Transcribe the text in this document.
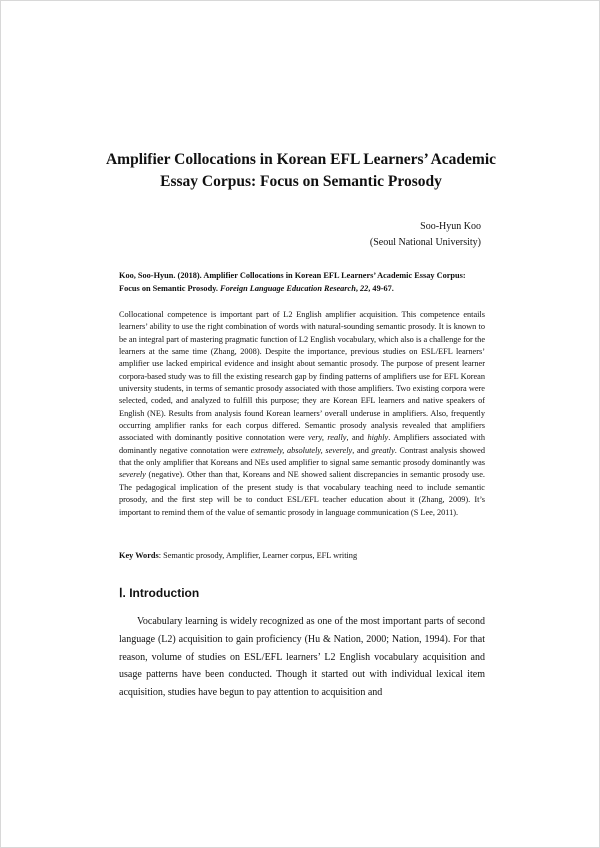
Amplifier Collocations in Korean EFL Learners’ Academic
Essay Corpus: Focus on Semantic Prosody
Soo-Hyun Koo
(Seoul National University)
Koo, Soo-Hyun. (2018). Amplifier Collocations in Korean EFL Learners’ Academic Essay Corpus: Focus on Semantic Prosody. Foreign Language Education Research, 22, 49-67.
Collocational competence is important part of L2 English amplifier acquisition. This competence entails learners’ ability to use the right combination of words with natural-sounding semantic prosody. It is known to be an integral part of mastering pragmatic function of L2 English vocabulary, which also is a challenge for the learners at the same time (Zhang, 2008). Despite the importance, previous studies on ESL/EFL learners’ amplifier use lacked empirical evidence and insight about semantic prosody. The purpose of present learner corpora-based study was to fill the existing research gap by finding patterns of amplifiers use for EFL Korean university students, in terms of semantic prosody associated with those amplifiers. Two existing corpora were selected, coded, and analyzed to fulfill this purpose; they are Korean EFL learners and native speakers of English (NE). Results from analysis found Korean learners’ overall underuse in amplifiers. Also, frequently occurring amplifier ranks for each corpus differed. Semantic prosody analysis revealed that amplifiers associated with dominantly positive connotation were very, really, and highly. Amplifiers associated with dominantly negative connotation were extremely, absolutely, severely, and greatly. Contrast analysis showed that the only amplifier that Koreans and NEs used amplifier to signal same semantic prosody dominantly was severely (negative). Other than that, Koreans and NE showed salient discrepancies in semantic prosody use. The pedagogical implication of the present study is that vocabulary teaching need to include semantic prosody, and the first step will be to conduct ESL/EFL teacher education about it (Zhang, 2009). It’s important to remind them of the value of semantic prosody in language communication (S Lee, 2011).
Key Words: Semantic prosody, Amplifier, Learner corpus, EFL writing
Ⅰ. Introduction
Vocabulary learning is widely recognized as one of the most important parts of second language (L2) acquisition to gain proficiency (Hu & Nation, 2000; Nation, 1994). For that reason, volume of studies on ESL/EFL learners’ L2 English vocabulary acquisition and usage patterns have been conducted. Though it started out with individual lexical item acquisition, studies have begun to pay attention to acquisition and
